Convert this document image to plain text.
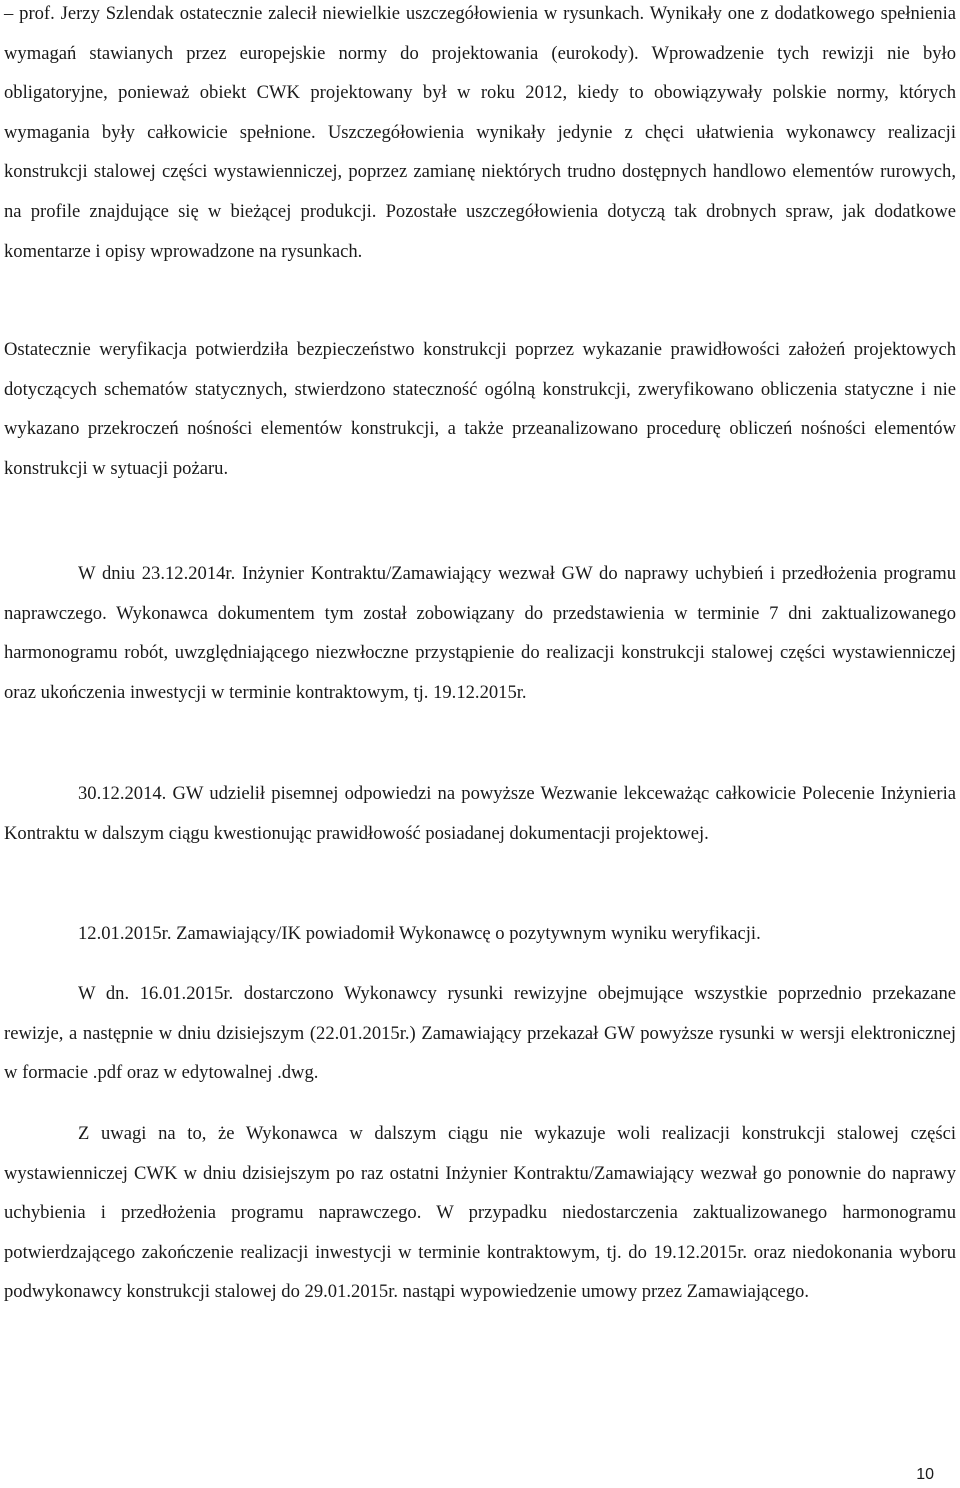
– prof. Jerzy Szlendak ostatecznie zalecił niewielkie uszczegółowienia w rysunkach. Wynikały one z dodatkowego spełnienia wymagań stawianych przez europejskie normy do projektowania (eurokody). Wprowadzenie tych rewizji nie było obligatoryjne, ponieważ obiekt CWK projektowany był w roku 2012, kiedy to obowiązywały polskie normy, których wymagania były całkowicie spełnione. Uszczegółowienia wynikały jedynie z chęci ułatwienia wykonawcy realizacji konstrukcji stalowej części wystawienniczej, poprzez zamianę niektórych trudno dostępnych handlowo elementów rurowych, na profile znajdujące się w bieżącej produkcji. Pozostałe uszczegółowienia dotyczą tak drobnych spraw, jak dodatkowe komentarze i opisy wprowadzone na rysunkach.

Ostatecznie weryfikacja potwierdziła bezpieczeństwo konstrukcji poprzez wykazanie prawidłowości założeń projektowych dotyczących schematów statycznych, stwierdzono stateczność ogólną konstrukcji, zweryfikowano obliczenia statyczne i nie wykazano przekroczeń nośności elementów konstrukcji, a także przeanalizowano procedurę obliczeń nośności elementów konstrukcji w sytuacji pożaru.

W dniu 23.12.2014r. Inżynier Kontraktu/Zamawiający wezwał GW do naprawy uchybień i przedłożenia programu naprawczego. Wykonawca dokumentem tym został zobowiązany do przedstawienia w terminie 7 dni zaktualizowanego harmonogramu robót, uwzględniającego niezwłoczne przystąpienie do realizacji konstrukcji stalowej części wystawienniczej oraz ukończenia inwestycji w terminie kontraktowym, tj. 19.12.2015r.

30.12.2014. GW udzielił pisemnej odpowiedzi na powyższe Wezwanie lekceważąc całkowicie Polecenie Inżynieria Kontraktu w dalszym ciągu kwestionując prawidłowość posiadanej dokumentacji projektowej.

12.01.2015r. Zamawiający/IK powiadomił Wykonawcę o pozytywnym wyniku weryfikacji.

W dn. 16.01.2015r. dostarczono Wykonawcy rysunki rewizyjne obejmujące wszystkie poprzednio przekazane rewizje, a następnie w dniu dzisiejszym (22.01.2015r.) Zamawiający przekazał GW powyższe rysunki w wersji elektronicznej w formacie .pdf oraz w edytowalnej .dwg.

Z uwagi na to, że Wykonawca w dalszym ciągu nie wykazuje woli realizacji konstrukcji stalowej części wystawienniczej CWK w dniu dzisiejszym po raz ostatni Inżynier Kontraktu/Zamawiający wezwał go ponownie do naprawy uchybienia i przedłożenia programu naprawczego. W przypadku niedostarczenia zaktualizowanego harmonogramu potwierdzającego zakończenie realizacji inwestycji w terminie kontraktowym, tj. do 19.12.2015r. oraz niedokonania wyboru podwykonawcy konstrukcji stalowej do 29.01.2015r. nastąpi wypowiedzenie umowy przez Zamawiającego.

10
